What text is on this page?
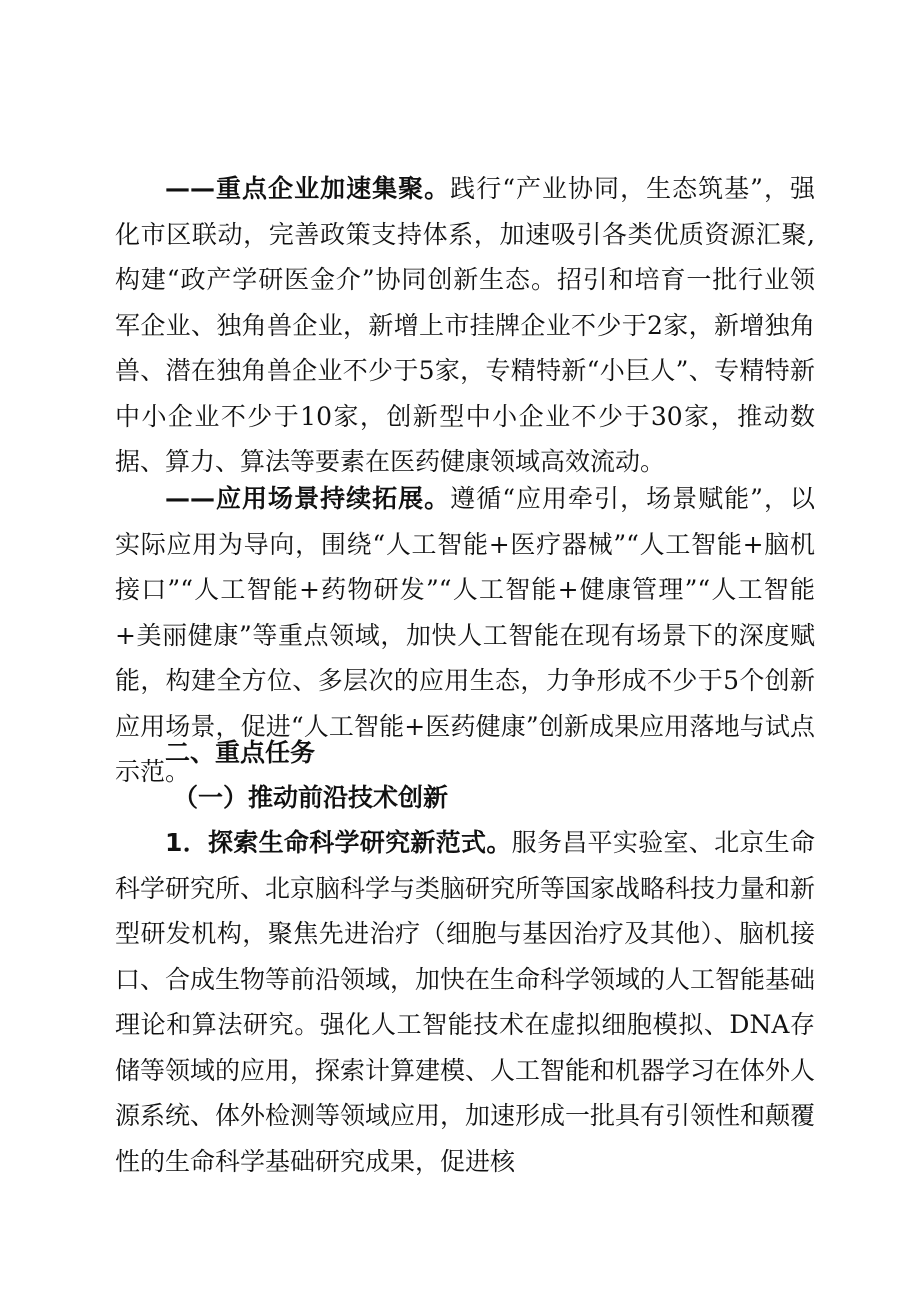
——重点企业加速集聚。践行“产业协同，生态筑基”，强化市区联动，完善政策支持体系，加速吸引各类优质资源汇聚,构建“政产学研医金介”协同创新生态。招引和培育一批行业领军企业、独角兽企业，新增上市挂牌企业不少于2家，新增独角兽、潜在独角兽企业不少于5家，专精特新“小巨人”、专精特新中小企业不少于10家，创新型中小企业不少于30家，推动数据、算力、算法等要素在医药健康领域高效流动。

——应用场景持续拓展。遵循“应用牵引，场景赋能”，以实际应用为导向，围绕“人工智能+医疗器械”“人工智能+脑机接口”“人工智能+药物研发”“人工智能+健康管理”“人工智能+美丽健康”等重点领域，加快人工智能在现有场景下的深度赋能，构建全方位、多层次的应用生态，力争形成不少于5个创新应用场景，促进“人工智能+医药健康”创新成果应用落地与试点示范。

二、重点任务

（一）推动前沿技术创新

1．探索生命科学研究新范式。服务昌平实验室、北京生命科学研究所、北京脑科学与类脑研究所等国家战略科技力量和新型研发机构，聚焦先进治疗（细胞与基因治疗及其他）、脑机接口、合成生物等前沿领域，加快在生命科学领域的人工智能基础理论和算法研究。强化人工智能技术在虚拟细胞模拟、DNA存储等领域的应用，探索计算建模、人工智能和机器学习在体外人源系统、体外检测等领域应用，加速形成一批具有引领性和颠覆性的生命科学基础研究成果，促进核
